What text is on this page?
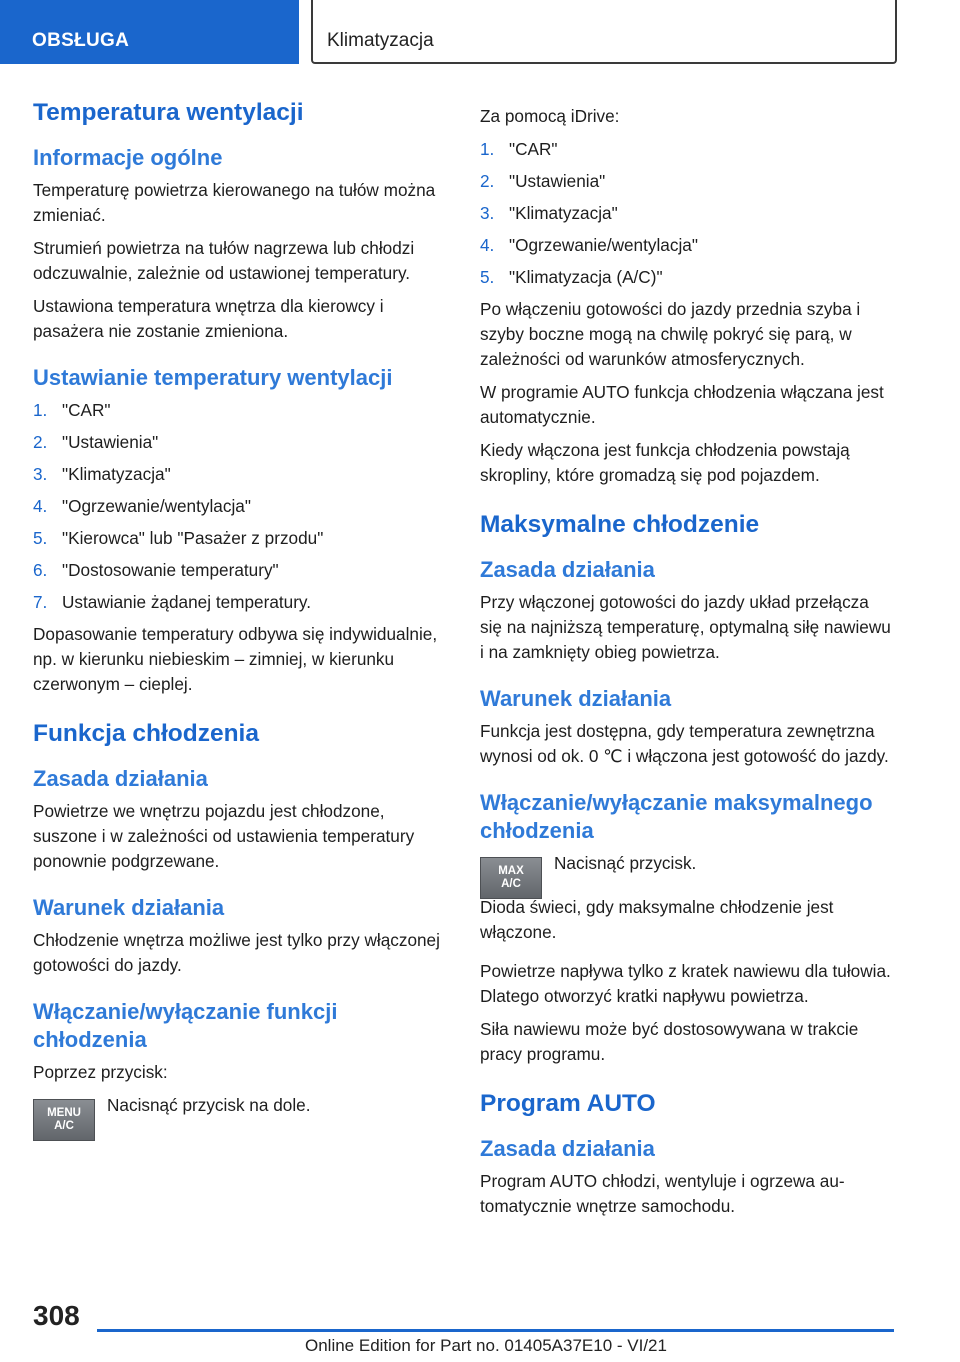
OBSŁUGA	Klimatyzacja
Temperatura wentylacji
Informacje ogólne

Temperaturę powietrza kierowanego na tułów można zmieniać.

Strumień powietrza na tułów nagrzewa lub chłodzi odczuwalnie, zależnie od ustawionej temperatury.

Ustawiona temperatura wnętrza dla kierowcy i pasażera nie zostanie zmieniona.

Ustawianie temperatury wentylacji
1. "CAR"
2. "Ustawienia"
3. "Klimatyzacja"
4. "Ogrzewanie/wentylacja"
5. "Kierowca" lub "Pasażer z przodu"
6. "Dostosowanie temperatury"
7. Ustawianie żądanej temperatury.

Dopasowanie temperatury odbywa się indywidualnie, np. w kierunku niebieskim – zimniej, w kierunku czerwonym – cieplej.

Funkcja chłodzenia
Zasada działania

Powietrze we wnętrzu pojazdu jest chłodzone, suszone i w zależności od ustawienia temperatury ponownie podgrzewane.

Warunek działania

Chłodzenie wnętrza możliwe jest tylko przy włączonej gotowości do jazdy.

Włączanie/wyłączanie funkcji chłodzenia

Poprzez przycisk:

MENU
A/C

Nacisnąć przycisk na dole.

Za pomocą iDrive:

1. "CAR"
2. "Ustawienia"
3. "Klimatyzacja"
4. "Ogrzewanie/wentylacja"
5. "Klimatyzacja (A/C)"

Po włączeniu gotowości do jazdy przednia szyba i szyby boczne mogą na chwilę pokryć się parą, w zależności od warunków atmosferycznych.

W programie AUTO funkcja chłodzenia włączana jest automatycznie.

Kiedy włączona jest funkcja chłodzenia powstają skropliny, które gromadzą się pod pojazdem.

Maksymalne chłodzenie
Zasada działania

Przy włączonej gotowości do jazdy układ przełącza się na najniższą temperaturę, optymalną siłę nawiewu i na zamknięty obieg powietrza.

Warunek działania

Funkcja jest dostępna, gdy temperatura zewnętrzna wynosi od ok. 0 ℃ i włączona jest gotowość do jazdy.

Włączanie/wyłączanie maksymalnego chłodzenia
MAX
A/C

Nacisnąć przycisk.

Dioda świeci, gdy maksymalne chłodzenie jest włączone.

Powietrze napływa tylko z kratek nawiewu dla tułowia. Dlatego otworzyć kratki napływu powietrza.

Siła nawiewu może być dostosowywana w trakcie pracy programu.

Program AUTO
Zasada działania

Program AUTO chłodzi, wentyluje i ogrzewa automatycznie wnętrze samochodu.

308
Online Edition for Part no. 01405A37E10 - VI/21
